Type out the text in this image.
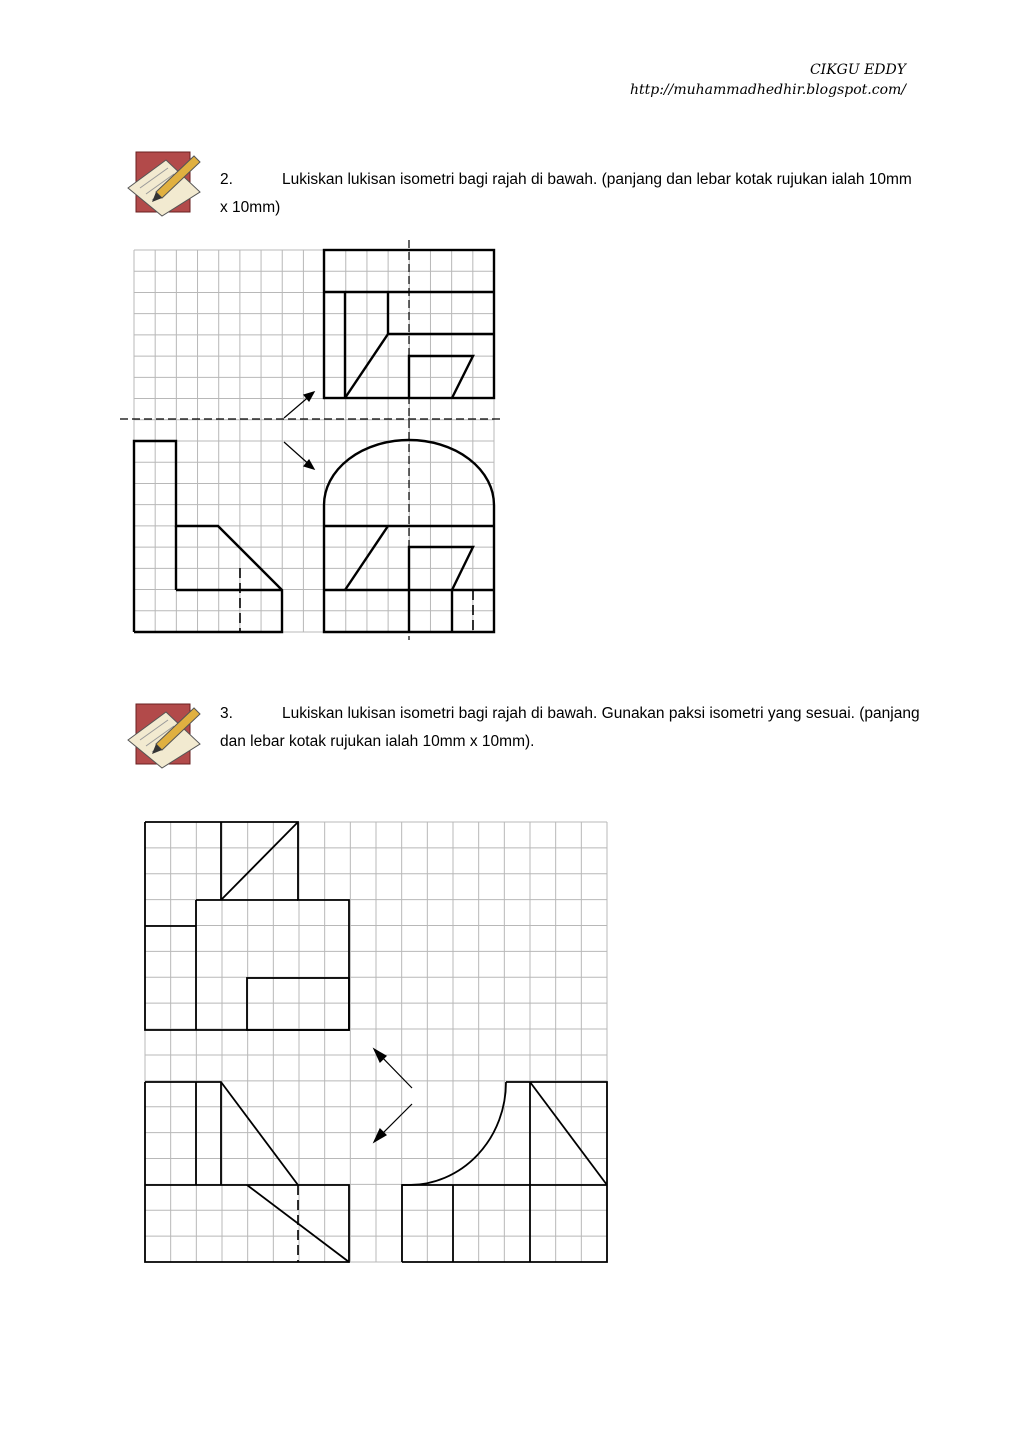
CIKGU EDDY
http://muhammadhedhir.blogspot.com/
2.	Lukiskan lukisan isometri bagi rajah di bawah. (panjang dan lebar kotak rujukan ialah 10mm x 10mm)
3.	Lukiskan lukisan isometri bagi rajah di bawah. Gunakan paksi isometri yang sesuai. (panjang dan lebar kotak rujukan ialah 10mm x 10mm).
